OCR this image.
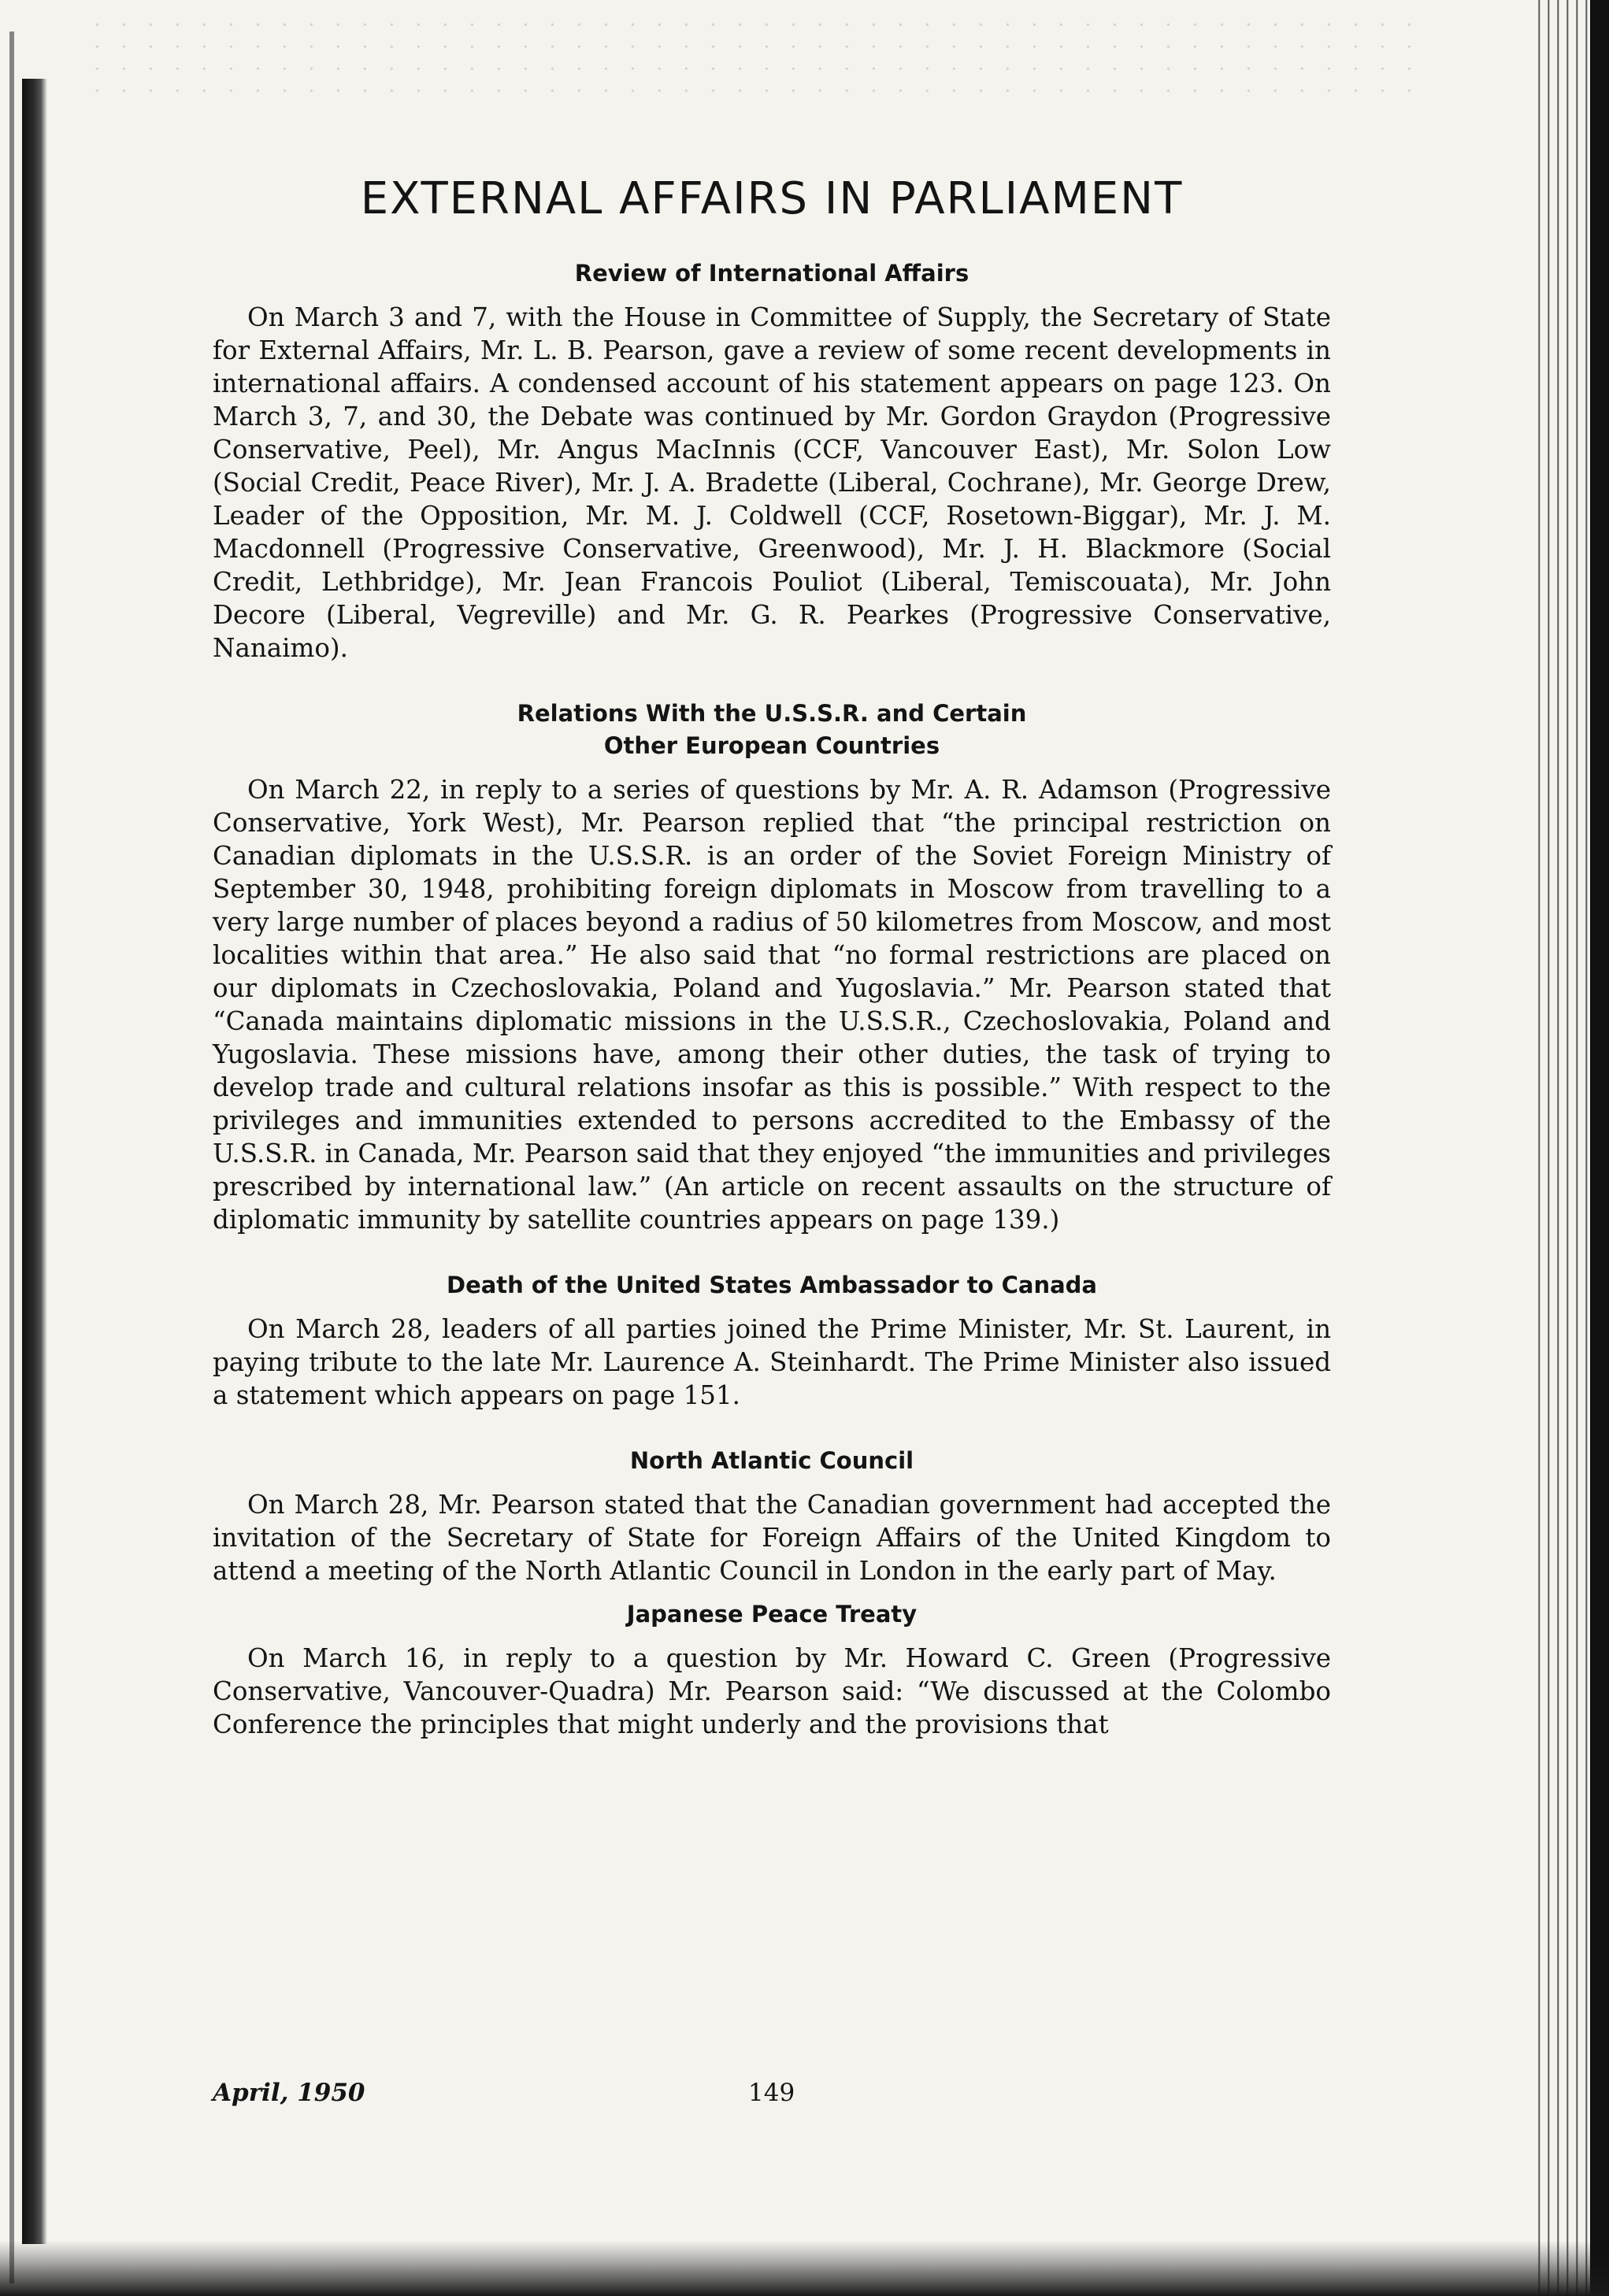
EXTERNAL AFFAIRS IN PARLIAMENT
Review of International Affairs

On March 3 and 7, with the House in Committee of Supply, the Secretary of State for External Affairs, Mr. L. B. Pearson, gave a review of some recent developments in international affairs. A condensed account of his statement appears on page 123. On March 3, 7, and 30, the Debate was continued by Mr. Gordon Graydon (Progressive Conservative, Peel), Mr. Angus MacInnis (CCF, Vancouver East), Mr. Solon Low (Social Credit, Peace River), Mr. J. A. Bradette (Liberal, Cochrane), Mr. George Drew, Leader of the Opposition, Mr. M. J. Coldwell (CCF, Rosetown-Biggar), Mr. J. M. Macdonnell (Progressive Conservative, Greenwood), Mr. J. H. Blackmore (Social Credit, Lethbridge), Mr. Jean Francois Pouliot (Liberal, Temiscouata), Mr. John Decore (Liberal, Vegreville) and Mr. G. R. Pearkes (Progressive Conservative, Nanaimo).

Relations With the U.S.S.R. and Certain
Other European Countries

On March 22, in reply to a series of questions by Mr. A. R. Adamson (Progressive Conservative, York West), Mr. Pearson replied that “the principal restriction on Canadian diplomats in the U.S.S.R. is an order of the Soviet Foreign Ministry of September 30, 1948, prohibiting foreign diplomats in Moscow from travelling to a very large number of places beyond a radius of 50 kilometres from Moscow, and most localities within that area.” He also said that “no formal restrictions are placed on our diplomats in Czechoslovakia, Poland and Yugoslavia.” Mr. Pearson stated that “Canada maintains diplomatic missions in the U.S.S.R., Czechoslovakia, Poland and Yugoslavia. These missions have, among their other duties, the task of trying to develop trade and cultural relations insofar as this is possible.” With respect to the privileges and immunities extended to persons accredited to the Embassy of the U.S.S.R. in Canada, Mr. Pearson said that they enjoyed “the immunities and privileges prescribed by international law.” (An article on recent assaults on the structure of diplomatic immunity by satellite countries appears on page 139.)

Death of the United States Ambassador to Canada

On March 28, leaders of all parties joined the Prime Minister, Mr. St. Laurent, in paying tribute to the late Mr. Laurence A. Steinhardt. The Prime Minister also issued a statement which appears on page 151.

North Atlantic Council

On March 28, Mr. Pearson stated that the Canadian government had accepted the invitation of the Secretary of State for Foreign Affairs of the United Kingdom to attend a meeting of the North Atlantic Council in London in the early part of May.

Japanese Peace Treaty

On March 16, in reply to a question by Mr. Howard C. Green (Progressive Conservative, Vancouver-Quadra) Mr. Pearson said: “We discussed at the Colombo Conference the principles that might underly and the provisions that

April, 1950	149
